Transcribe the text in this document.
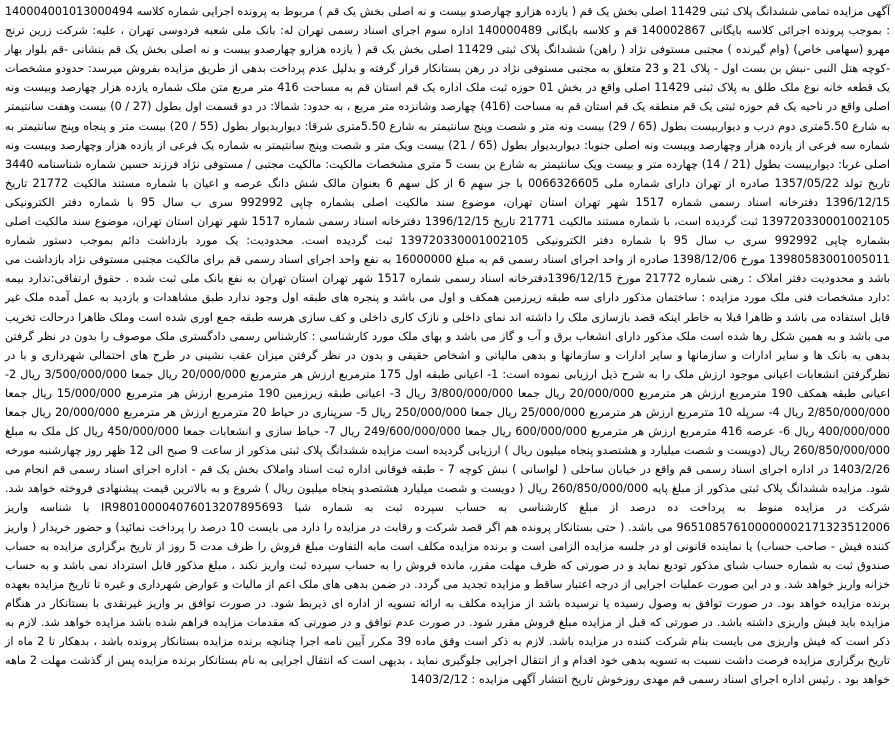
آگهی مزایده تمامی ششدانگ پلاک ثبتی 11429 اصلی بخش یک قم ( یازده هزارو چهارصدو بیست و نه اصلی بخش یک قم ) مربوط به پرونده اجرایی شماره کلاسه 140004001013000494 : بموجب پرونده اجرائی کلاسه بایگانی 140002867 قم و کلاسه بایگانی 140000489 اداره سوم اجرای اسناد رسمی تهران له: بانک ملی شعبه فردوسی تهران ، علیه: شرکت زرین ترنج مهرو (سهامی خاص) (وام گیرنده ) مجتبی مستوفی نژاد ( راهن) ششدانگ پلاک ثبتی 11429 اصلی بخش یک قم ( یازده هزارو چهارصدو بیست و نه اصلی بخش یک قم بنشانی -قم بلوار بهار -کوچه هتل النبی -نبش بن بست اول - پلاک 21 و 23 متعلق به مجتبی مستوفی نژاد در رهن بستانکار قرار گرفته و بدلیل عدم پرداخت بدهی از طریق مزایده بفروش میرسد: حدودو مشخصات یک قطعه خانه نوع ملک طلق به پلاک ثبتی 11429 اصلی واقع در بخش 01 حوزه ثبت ملک اداره یک قم استان قم به مساحت 416 متر مربع متن ملک شماره یازده هزار چهارصد وبیست ونه اصلی واقع در ناحیه یک قم حوزه ثبتی یک قم منطقه یک قم استان قم به مساحت (416) چهارصد وشانزده متر مربع ، به حدود: شمالا: در دو قسمت اول بطول (27 / 0) بیست وهفت سانتیمتر به شارع 5.50متری دوم درب و دیواربیست بطول (65 / 29) بیست ونه متر و شصت وپنج سانتیمتر به شارع 5.50متری شرقا: دیواربدیوار بطول (55 / 20) بیست متر و پنجاه وپنج سانتیمتر به شماره سه فرعی از یازده هزار وچهارصد وبیست ونه اصلی جنوبا: دیواربدیوار بطول (65 / 21) بیست ویک متر و شصت وپنج سانتیمتر به شماره یک فرعی از یازده هزار وچهارصد وبیست ونه اصلی غربا: دیواربیست بطول (21 / 14) چهارده متر و بیست ویک سانتیمتر به شارع بن بست 5 متری مشخصات مالکیت: مالکیت مجتبی / مستوفی نژاد فرزند حسین شماره شناسنامه 3440 تاریخ تولد 1357/05/22 صادره از تهران دارای شماره ملی 0066326605 با جز سهم 6 از کل سهم 6 بعنوان مالک شش دانگ عرصه و اعیان با شماره مستند مالکیت 21772 تاریخ 1396/12/15 دفترخانه اسناد رسمی شماره 1517 شهر تهران استان تهران، موضوع سند مالکیت اصلی بشماره چاپی 992992 سری ب سال 95 با شماره دفتر الکترونیکی 139720330001002105 ثبت گردیده است، با شماره مستند مالکیت 21771 تاریخ 1396/12/15 دفترخانه اسناد رسمی شماره 1517 شهر تهران استان تهران، موضوع سند مالکیت اصلی بشماره چاپی 992992 سری ب سال 95 با شماره دفتر الکترونیکی 139720330001002105 ثبت گردیده است. محدودیت: یک مورد بازداشت دائم بموجب دستور شماره 13980583001005011 مورخ 1398/12/06 صادره از واحد اجرای اسناد رسمی قم به مبلغ 16000000 به نفع واحد اجرای اسناد رسمی قم برای مالکیت مجتبی مستوفی نژاد بازداشت می باشد و محدودیت دفتر املاک : رهنی شماره 21772 مورخ 1396/12/15دفترخانه اسناد رسمی شماره 1517 شهر تهران استان تهران به نفع بانک ملی ثبت شده . حقوق ارتفاقی:ندارد بیمه :دارد مشخصات فنی ملک مورد مزایده : ساختمان مذکور دارای سه طبقه زیرزمین همکف و اول می باشد و پنجره های طبقه اول وجود ندارد طبق مشاهدات و بازدید به عمل آمده ملک غیر قابل استفاده می باشد و ظاهرا قبلا به خاطر اینکه قصد بازسازی ملک را داشته اند نمای داخلی و نازک کاری داخلی و کف سازی هرسه طبقه جمع اوری شده است وملک ظاهرا درحالت تخریب می باشد و به همین شکل رها شده است ملک مذکور دارای انشعاب برق و آب و گاز می باشد و بهای ملک مورد کارشناسی : کارشناس رسمی دادگستری ملک موصوف را بدون در نظر گرفتن بدهی به بانک ها و سایر ادارات و سازمانها و سایر ادارات و سازمانها و بدهی مالیاتی و اشخاص حقیقی و بدون در نظر گرفتن میزان عقب نشینی در طرح های احتمالی شهرداری و با در نظرگرفتن انشعابات اعیانی موجود ارزش ملک را به شرح ذیل ارزیابی نموده است: 1- اعیانی طبقه اول 175 مترمربع ارزش هر مترمربع 20/000/000 ریال جمعا 3/500/000/000 ریال 2- اعیانی طبقه همکف 190 مترمربع ارزش هر مترمربع 20/000/000 ریال جمعا 3/800/000/000 ریال 3- اعیانی طبقه زیرزمین 190 مترمربع ارزش هر مترمربع 15/000/000 ریال جمعا 2/850/000/000 ریال 4- سرپله 10 مترمربع ارزش هر مترمربع 25/000/000 ریال جمعا 250/000/000 ریال 5- سرپناری در حیاط 20 مترمربع ارزش هر مترمربع 20/000/000 ریال جمعا 400/000/000 ریال 6- عرصه 416 مترمربع ارزش هر مترمربع 600/000/000 ریال جمعا 249/600/000/000 ریال 7- حیاط سازی و انشعابات جمعا 450/000/000 ریال کل ملک به مبلغ 260/850/000/000 ریال (دویست و شصت میلیارد و هشتصدو پنجاه میلیون ریال ) ارزیابی گردیده است مزایده ششدانگ پلاک ثبتی مذکور از ساعت 9 صبح الی 12 ظهر روز چهارشنبه مورخه 1403/2/26 در اداره اجرای اسناد رسمی قم واقع در خیابان ساحلی ( لواسانی ) نبش کوچه 7 - طبقه فوقانی اداره ثبت اسناد واملاک بخش یک قم - اداره اجرای اسناد رسمی قم انجام می شود. مزایده ششدانگ پلاک ثبتی مذکور از مبلغ پایه 260/850/000/000 ریال ( دویست و شصت میلیارد هشتصدو پنجاه میلیون ریال ) شروع و به بالاترین قیمت پیشنهادی فروخته خواهد شد. شرکت در مزایده منوط به پرداخت ده درصد از مبلغ کارشناسی به حساب سپرده ثبت به شماره شبا IR980100004076013207895693 با شناسه واریز 965108576100000002171323512006 می باشد. ( حتی بستانکار پرونده هم اگر قصد شرکت و رقابت در مزایده را دارد می بایست 10 درصد را پرداخت نمائید) و حضور خریدار ( واریز کننده فیش - صاحب حساب) یا نماینده قانونی او در جلسه مزایده الزامی است و برنده مزایده مکلف است مابه التفاوت مبلغ فروش را ظرف مدت 5 روز از تاریخ برگزاری مزایده به حساب صندوق ثبت به شماره حساب شبای مذکور تودیع نماید و در صورتی که ظرف مهلت مقرر، مانده فروش را به حساب سپرده ثبت واریز نکند ، مبلغ مذکور قابل استرداد نمی باشد و به حساب خزانه واریز خواهد شد. و در این صورت عملیات اجرایی از درجه اعتبار ساقط و مزایده تجدید می گردد. در ضمن بدهی های ملک اعم از مالیات و عوارض شهرداری و غیره تا تاریخ مزایده بعهده برنده مزایده خواهد بود. در صورت توافق به وصول رسیده یا نرسیده باشد از مزایده مکلف به ارائه تسویه از اداره ای ذیربط شود. در صورت توافق بر واریز غیرنقدی با بستانکار در هنگام مزایده باید فیش واریزی داشته باشد. در صورتی که قبل از مزایده مبلغ فروش مقرر شود. در صورت عدم توافق و در صورتی که مقدمات مزایده فراهم شده باشد مزایده خواهد شد. لازم به ذکر است که فیش واریزی می بایست بنام شرکت کننده در مزایده باشد. لازم به ذکر است وقق ماده 39 مکرر آیین نامه اجرا چنانچه برنده مزایده بستانکار پرونده باشد ، بدهکار تا 2 ماه از تاریخ برگزاری مزایده فرصت داشت نسبت به تسویه بدهی خود اقدام و از انتقال اجرایی جلوگیری نماید ، بدیهی است که انتقال اجرایی به نام بستانکار برنده مزایده پس از گذشت مهلت 2 ماهه خواهد بود . رئیس اداره اجرای اسناد رسمی قم مهدی روزخوش تاریخ انتشار آگهی مزایده : 1403/2/12
